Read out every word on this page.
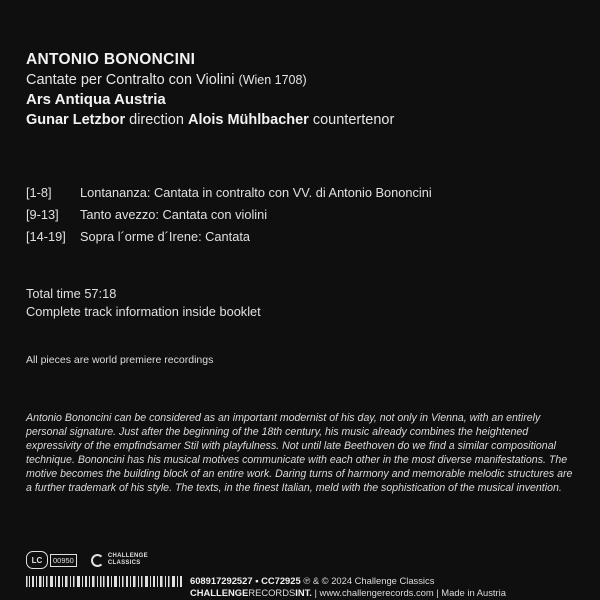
ANTONIO BONONCINI
Cantate per Contralto con Violini (Wien 1708)
Ars Antiqua Austria
Gunar Letzbor direction Alois Mühlbacher countertenor
[1-8]	Lontananza: Cantata in contralto con VV. di Antonio Bononcini
[9-13]	Tanto avezzo: Cantata con violini
[14-19]	Sopra l´orme d´Irene: Cantata
Total time 57:18
Complete track information inside booklet
All pieces are world premiere recordings
Antonio Bononcini can be considered as an important modernist of his day, not only in Vienna, with an entirely personal signature. Just after the beginning of the 18th century, his music already combines the heightened expressivity of the empfindsamer Stil with playfulness. Not until late Beethoven do we find a similar compositional technique. Bononcini has his musical motives communicate with each other in the most diverse manifestations. The motive becomes the building block of an entire work. Daring turns of harmony and memorable melodic structures are a further trademark of his style. The texts, in the finest Italian, meld with the sophistication of the musical invention.
LC	00950	CHALLENGE
CLASSICS
608917292527 • CC72925 ℗ & © 2024 Challenge Classics
CHALLENGERECORDSINT. | www.challengerecords.com | Made in Austria
